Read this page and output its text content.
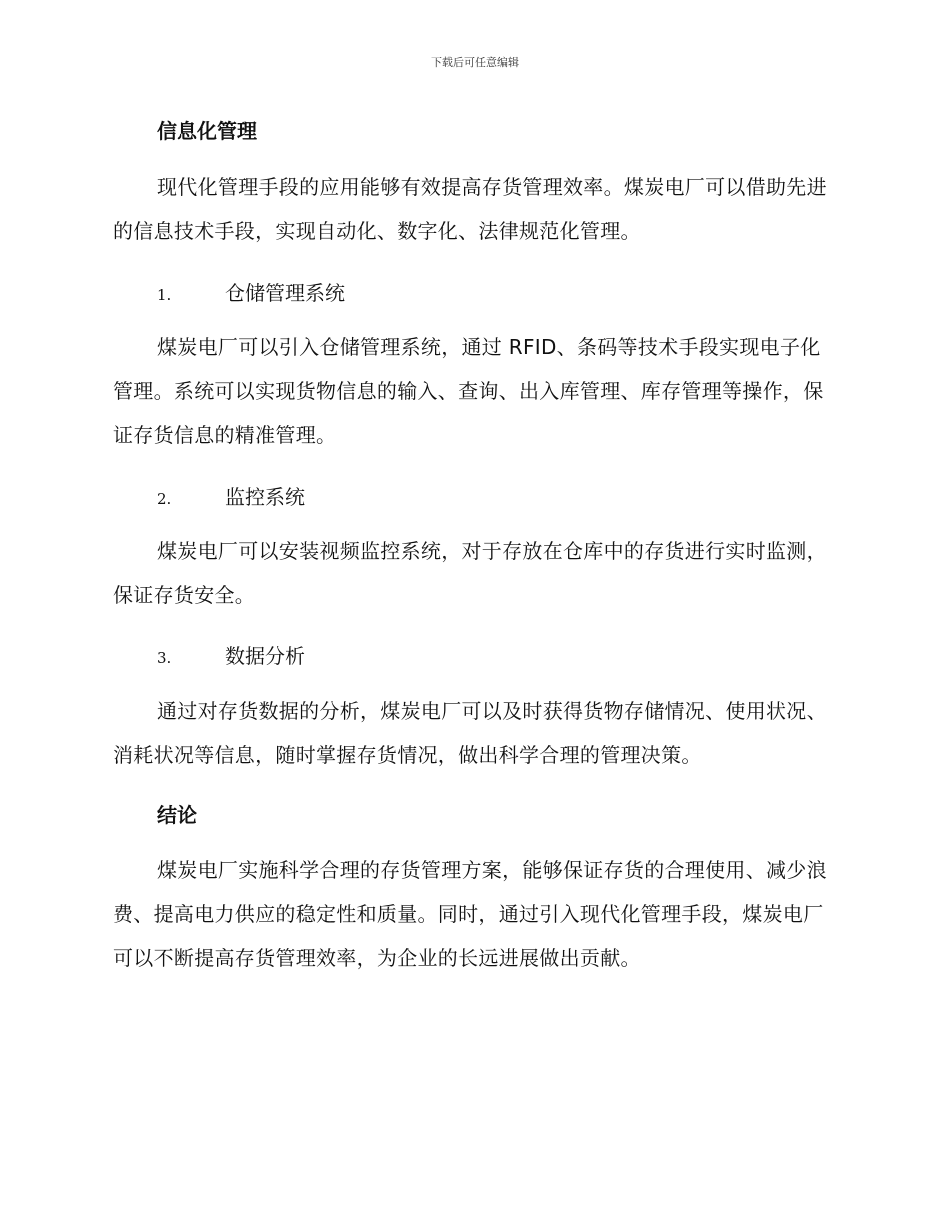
下载后可任意编辑
信息化管理

现代化管理手段的应用能够有效提高存货管理效率。煤炭电厂可以借助先进的信息技术手段，实现自动化、数字化、法律规范化管理。

1.	仓储管理系统

煤炭电厂可以引入仓储管理系统，通过 RFID、条码等技术手段实现电子化管理。系统可以实现货物信息的输入、查询、出入库管理、库存管理等操作，保证存货信息的精准管理。

2.	监控系统

煤炭电厂可以安装视频监控系统，对于存放在仓库中的存货进行实时监测，保证存货安全。

3.	数据分析

通过对存货数据的分析，煤炭电厂可以及时获得货物存储情况、使用状况、消耗状况等信息，随时掌握存货情况，做出科学合理的管理决策。

结论

煤炭电厂实施科学合理的存货管理方案，能够保证存货的合理使用、减少浪费、提高电力供应的稳定性和质量。同时，通过引入现代化管理手段，煤炭电厂可以不断提高存货管理效率，为企业的长远进展做出贡献。
